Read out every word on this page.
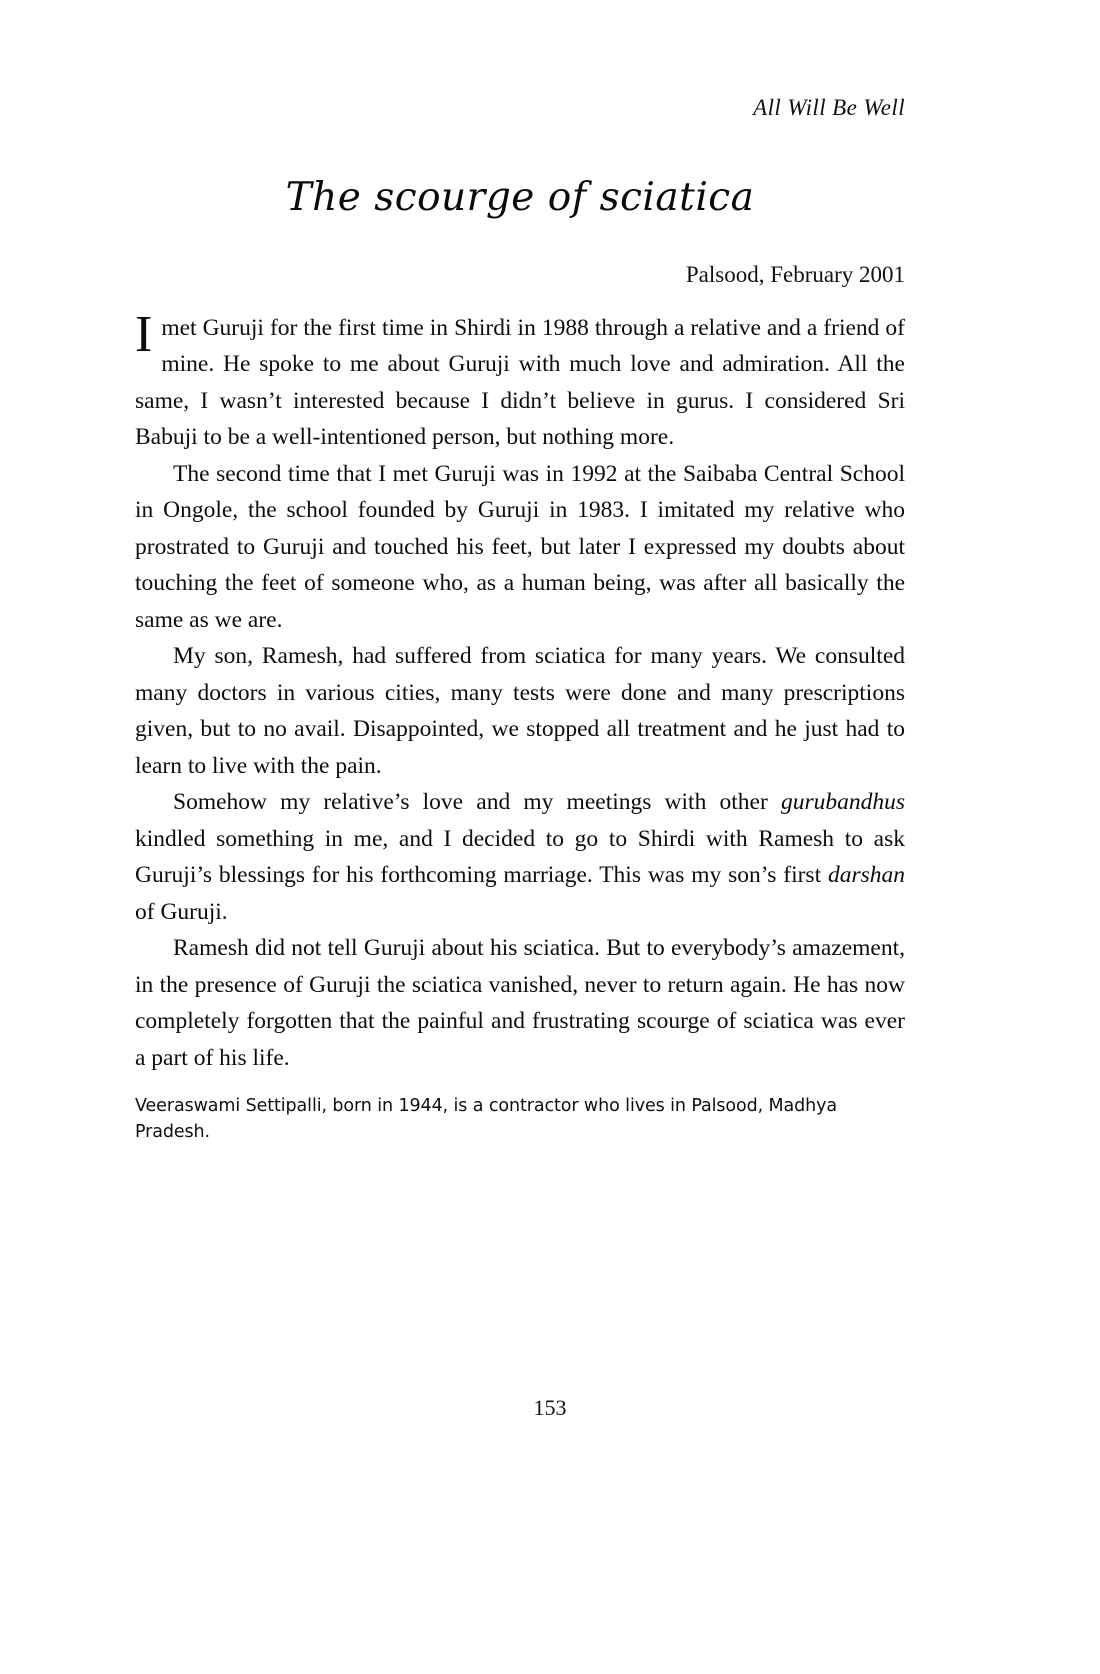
All Will Be Well
The scourge of sciatica
Palsood, February 2001

I met Guruji for the first time in Shirdi in 1988 through a relative and a friend of mine. He spoke to me about Guruji with much love and admiration. All the same, I wasn’t interested because I didn’t believe in gurus. I considered Sri Babuji to be a well-intentioned person, but nothing more.

The second time that I met Guruji was in 1992 at the Saibaba Central School in Ongole, the school founded by Guruji in 1983. I imitated my relative who prostrated to Guruji and touched his feet, but later I expressed my doubts about touching the feet of someone who, as a human being, was after all basically the same as we are.

My son, Ramesh, had suffered from sciatica for many years. We consulted many doctors in various cities, many tests were done and many prescriptions given, but to no avail. Disappointed, we stopped all treatment and he just had to learn to live with the pain.

Somehow my relative’s love and my meetings with other gurubandhus kindled something in me, and I decided to go to Shirdi with Ramesh to ask Guruji’s blessings for his forthcoming marriage. This was my son’s first darshan of Guruji.

Ramesh did not tell Guruji about his sciatica. But to everybody’s amazement, in the presence of Guruji the sciatica vanished, never to return again. He has now completely forgotten that the painful and frustrating scourge of sciatica was ever a part of his life.

Veeraswami Settipalli, born in 1944, is a contractor who lives in Palsood, Madhya Pradesh.

153
